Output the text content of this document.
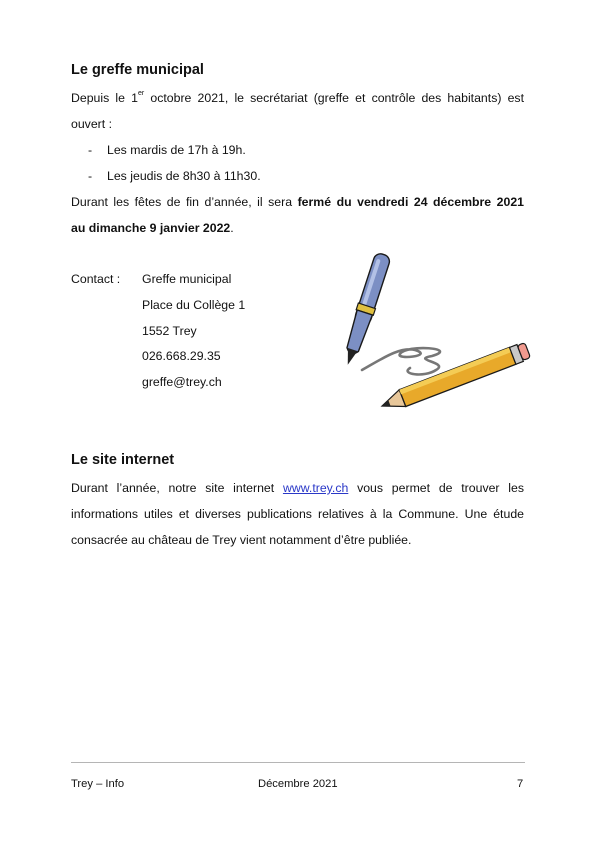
Le greffe municipal
Depuis le 1er octobre 2021, le secrétariat (greffe et contrôle des habitants) est
ouvert :
- Les mardis de 17h à 19h.
- Les jeudis de 8h30 à 11h30.
Durant les fêtes de fin d’année, il sera fermé du vendredi 24 décembre 2021
au dimanche 9 janvier 2022.
Contact : Greffe municipal
Place du Collège 1
1552 Trey
026.668.29.35
greffe@trey.ch
Le site internet
Durant l’année, notre site internet www.trey.ch vous permet de trouver les
informations utiles et diverses publications relatives à la Commune. Une étude
consacrée au château de Trey vient notamment d’être publiée.
Trey – Info	Décembre 2021	7
